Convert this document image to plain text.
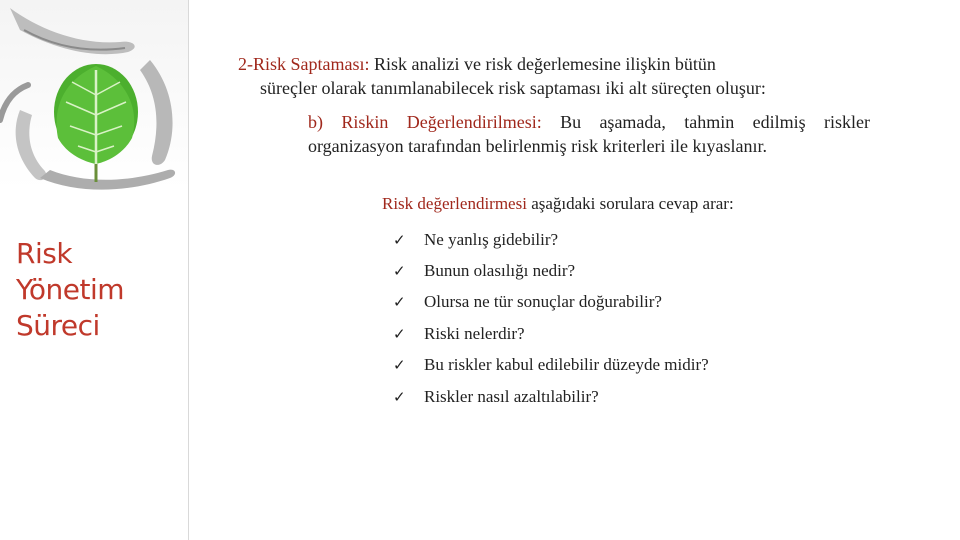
Risk
Yönetim
Süreci
2-Risk Saptaması: Risk analizi ve risk değerlemesine ilişkin bütün
süreçler olarak tanımlanabilecek risk saptaması iki alt süreçten oluşur:
b) Riskin Değerlendirilmesi: Bu aşamada, tahmin edilmiş riskler organizasyon tarafından belirlenmiş risk kriterleri ile kıyaslanır.
Risk değerlendirmesi aşağıdaki sorulara cevap arar:
✓	Ne yanlış gidebilir?
✓	Bunun olasılığı nedir?
✓	Olursa ne tür sonuçlar doğurabilir?
✓	Riski nelerdir?
✓	Bu riskler kabul edilebilir düzeyde midir?
✓	Riskler nasıl azaltılabilir?
